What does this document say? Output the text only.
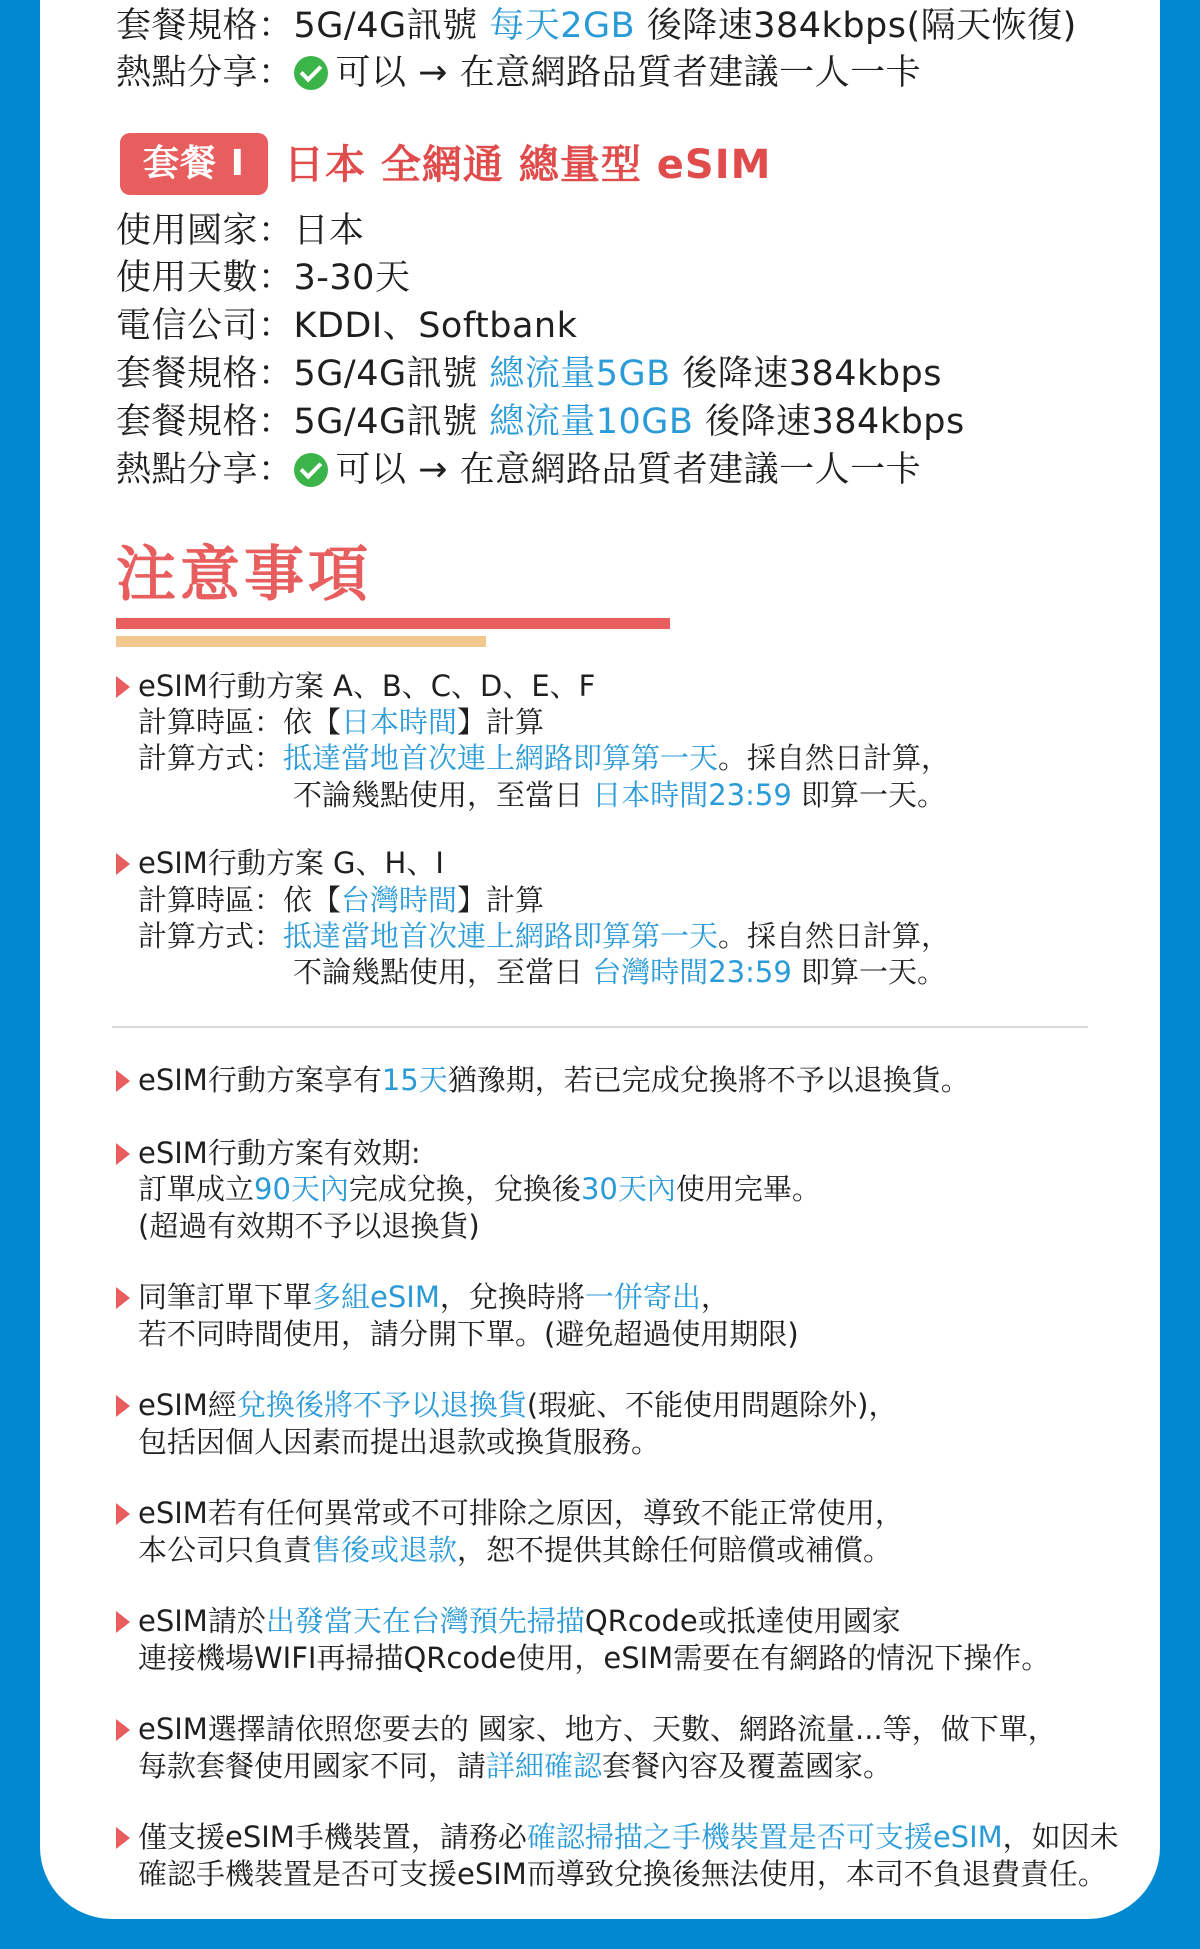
套餐規格：5G/4G訊號 每天2GB 後降速384kbps(隔天恢復)
熱點分享： 可以 → 在意網路品質者建議一人一卡
套餐 I 日本 全網通 總量型 eSIM
使用國家：日本
使用天數：3-30天
電信公司：KDDI、Softbank
套餐規格：5G/4G訊號 總流量5GB 後降速384kbps
套餐規格：5G/4G訊號 總流量10GB 後降速384kbps
熱點分享： 可以 → 在意網路品質者建議一人一卡
注意事項
eSIM行動方案 A、B、C、D、E、F
計算時區：依【日本時間】計算
計算方式：抵達當地首次連上網路即算第一天。採自然日計算，
不論幾點使用，至當日 日本時間23:59 即算一天。
eSIM行動方案 G、H、I
計算時區：依【台灣時間】計算
計算方式：抵達當地首次連上網路即算第一天。採自然日計算，
不論幾點使用，至當日 台灣時間23:59 即算一天。
eSIM行動方案享有15天猶豫期，若已完成兌換將不予以退換貨。
eSIM行動方案有效期:
訂單成立90天內完成兌換，兌換後30天內使用完畢。
(超過有效期不予以退換貨)
同筆訂單下單多組eSIM，兌換時將一併寄出，
若不同時間使用，請分開下單。(避免超過使用期限)
eSIM經兌換後將不予以退換貨(瑕疵、不能使用問題除外)，
包括因個人因素而提出退款或換貨服務。
eSIM若有任何異常或不可排除之原因，導致不能正常使用，
本公司只負責售後或退款，恕不提供其餘任何賠償或補償。
eSIM請於出發當天在台灣預先掃描QRcode或抵達使用國家
連接機場WIFI再掃描QRcode使用，eSIM需要在有網路的情況下操作。
eSIM選擇請依照您要去的 國家、地方、天數、網路流量...等，做下單，
每款套餐使用國家不同，請詳細確認套餐內容及覆蓋國家。
僅支援eSIM手機裝置，請務必確認掃描之手機裝置是否可支援eSIM，如因未
確認手機裝置是否可支援eSIM而導致兌換後無法使用，本司不負退費責任。
